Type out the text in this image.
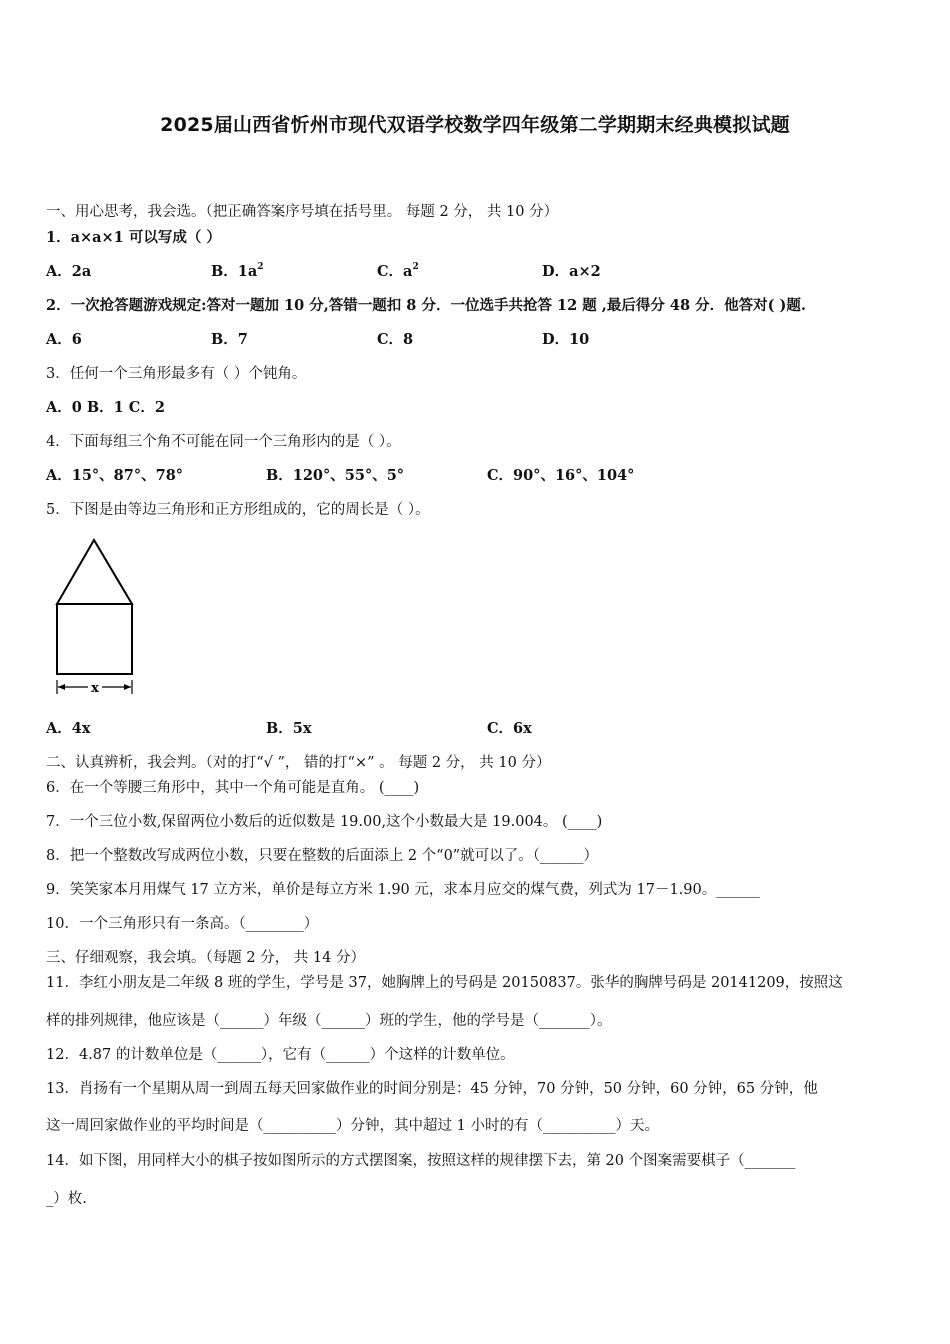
2025届山西省忻州市现代双语学校数学四年级第二学期期末经典模拟试题
一、用心思考，我会选。（把正确答案序号填在括号里。 每题 2 分， 共 10 分）
1．a×a×1 可以写成（ ）
A．2a	B．$1a^2$	C．$a^2$	D．a×2
2．一次抢答题游戏规定:答对一题加 10 分,答错一题扣 8 分．一位选手共抢答 12 题 ,最后得分 48 分．他答对( )题.
A．6	B．7	C．8	D．10
3．任何一个三角形最多有（ ）个钝角。
A．0 B．1 C．2
4．下面每组三个角不可能在同一个三角形内的是（ ）。
A．15°、87°、78°	B．120°、55°、5°	C．90°、16°、104°
5．下图是由等边三角形和正方形组成的，它的周长是（ ）。
x
A．4x	B．5x	C．6x
二、认真辨析，我会判。（对的打“√ ”， 错的打“×” 。 每题 2 分， 共 10 分）
6．在一个等腰三角形中，其中一个角可能是直角。 (____)
7．一个三位小数,保留两位小数后的近似数是 19.00,这个小数最大是 19.004。 (____)
8．把一个整数改写成两位小数，只要在整数的后面添上 2 个“0”就可以了。（______）
9．笑笑家本月用煤气 17 立方米，单价是每立方米 1.90 元，求本月应交的煤气费，列式为 17－1.90。______
10．一个三角形只有一条高。（________）
三、仔细观察，我会填。（每题 2 分， 共 14 分）
11．李红小朋友是二年级 8 班的学生，学号是 37，她胸牌上的号码是 20150837。张华的胸牌号码是 20141209，按照这
样的排列规律，他应该是（______）年级（______）班的学生，他的学号是（_______）。
12．4.87 的计数单位是（______），它有（______）个这样的计数单位。
13．肖扬有一个星期从周一到周五每天回家做作业的时间分别是：45 分钟，70 分钟，50 分钟，60 分钟，65 分钟，他
这一周回家做作业的平均时间是（__________）分钟，其中超过 1 小时的有（__________）天。
14．如下图，用同样大小的棋子按如图所示的方式摆图案，按照这样的规律摆下去，第 20 个图案需要棋子（_______
_）枚.
